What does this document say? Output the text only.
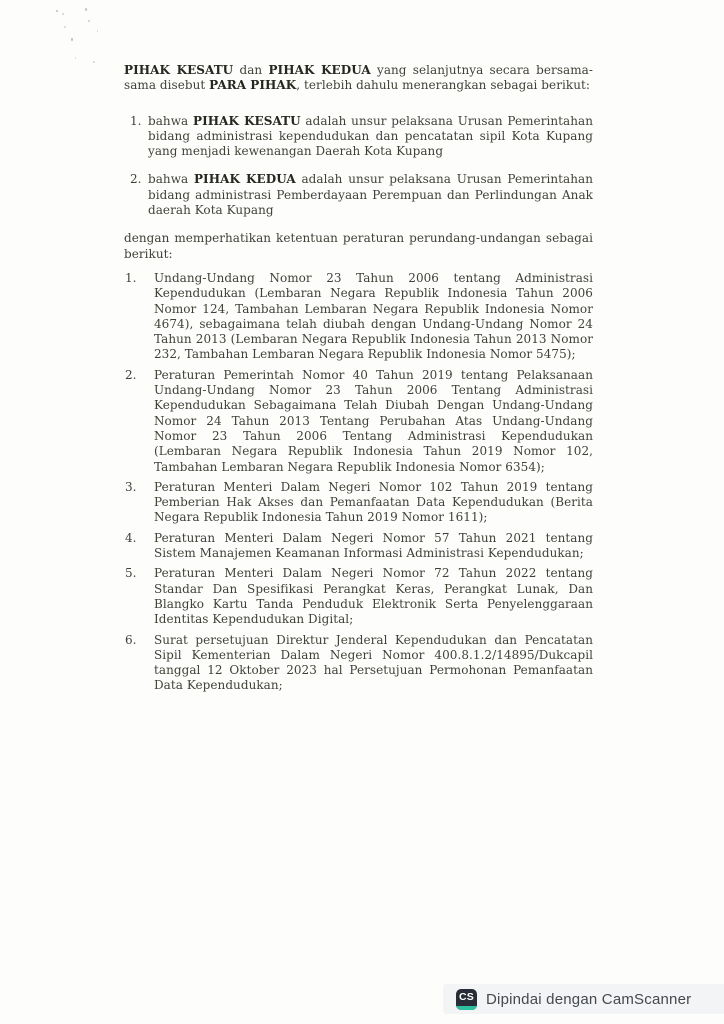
PIHAK KESATU dan PIHAK KEDUA yang selanjutnya secara bersama-sama disebut PARA PIHAK, terlebih dahulu menerangkan sebagai berikut:

1. bahwa PIHAK KESATU adalah unsur pelaksana Urusan Pemerintahan bidang administrasi kependudukan dan pencatatan sipil Kota Kupang yang menjadi kewenangan Daerah Kota Kupang
2. bahwa PIHAK KEDUA adalah unsur pelaksana Urusan Pemerintahan bidang administrasi Pemberdayaan Perempuan dan Perlindungan Anak daerah Kota Kupang

dengan memperhatikan ketentuan peraturan perundang-undangan sebagai berikut:

1. Undang-Undang Nomor 23 Tahun 2006 tentang Administrasi Kependudukan (Lembaran Negara Republik Indonesia Tahun 2006 Nomor 124, Tambahan Lembaran Negara Republik Indonesia Nomor 4674), sebagaimana telah diubah dengan Undang-Undang Nomor 24 Tahun 2013 (Lembaran Negara Republik Indonesia Tahun 2013 Nomor 232, Tambahan Lembaran Negara Republik Indonesia Nomor 5475);
2. Peraturan Pemerintah Nomor 40 Tahun 2019 tentang Pelaksanaan Undang-Undang Nomor 23 Tahun 2006 Tentang Administrasi Kependudukan Sebagaimana Telah Diubah Dengan Undang-Undang Nomor 24 Tahun 2013 Tentang Perubahan Atas Undang-Undang Nomor 23 Tahun 2006 Tentang Administrasi Kependudukan (Lembaran Negara Republik Indonesia Tahun 2019 Nomor 102, Tambahan Lembaran Negara Republik Indonesia Nomor 6354);
3. Peraturan Menteri Dalam Negeri Nomor 102 Tahun 2019 tentang Pemberian Hak Akses dan Pemanfaatan Data Kependudukan (Berita Negara Republik Indonesia Tahun 2019 Nomor 1611);
4. Peraturan Menteri Dalam Negeri Nomor 57 Tahun 2021 tentang Sistem Manajemen Keamanan Informasi Administrasi Kependudukan;
5. Peraturan Menteri Dalam Negeri Nomor 72 Tahun 2022 tentang Standar Dan Spesifikasi Perangkat Keras, Perangkat Lunak, Dan Blangko Kartu Tanda Penduduk Elektronik Serta Penyelenggaraan Identitas Kependudukan Digital;
6. Surat persetujuan Direktur Jenderal Kependudukan dan Pencatatan Sipil Kementerian Dalam Negeri Nomor 400.8.1.2/14895/Dukcapil tanggal 12 Oktober 2023 hal Persetujuan Permohonan Pemanfaatan Data Kependudukan;
CS Dipindai dengan CamScanner
